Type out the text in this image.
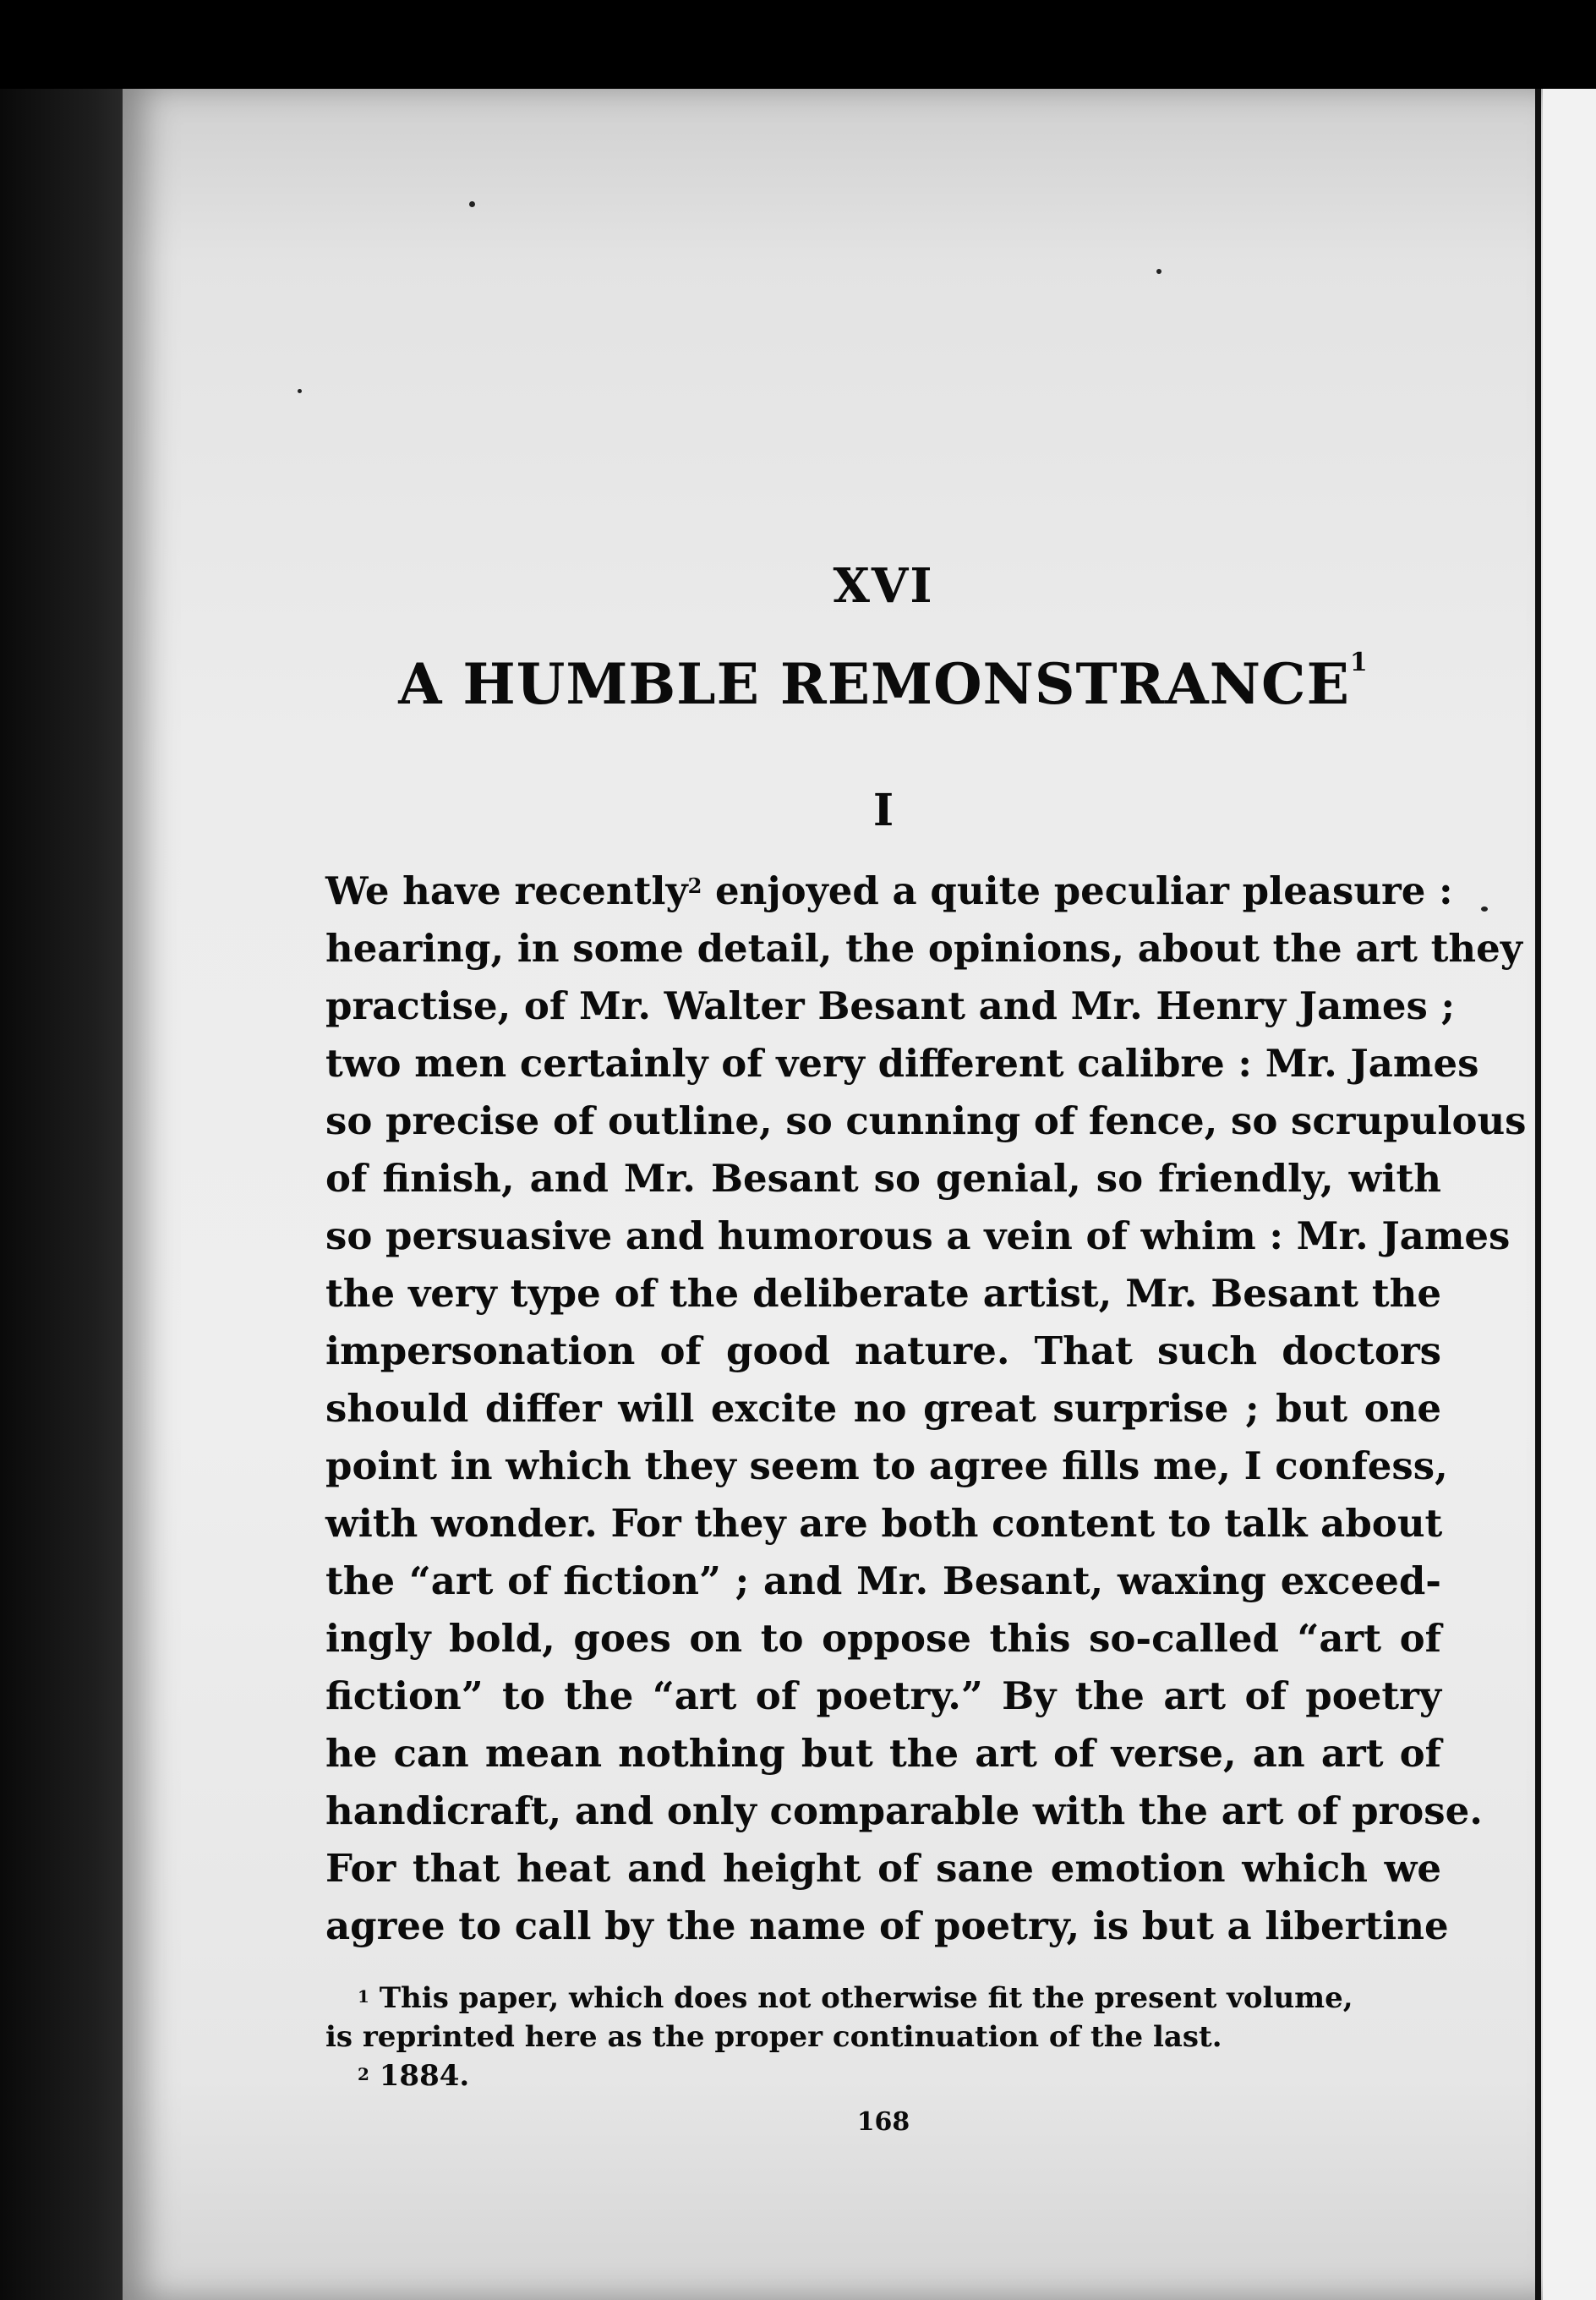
XVI
A HUMBLE REMONSTRANCE$^1$
I
We have recently$^2$ enjoyed a quite peculiar pleasure :
hearing, in some detail, the opinions, about the art they
practise, of Mr. Walter Besant and Mr. Henry James ;
two men certainly of very different calibre : Mr. James
so precise of outline, so cunning of fence, so scrupulous
of finish, and Mr. Besant so genial, so friendly, with
so persuasive and humorous a vein of whim : Mr. James
the very type of the deliberate artist, Mr. Besant the
impersonation of good nature. That such doctors
should differ will excite no great surprise ; but one
point in which they seem to agree fills me, I confess,
with wonder. For they are both content to talk about
the “art of fiction” ; and Mr. Besant, waxing exceed-
ingly bold, goes on to oppose this so-called “art of
fiction” to the “art of poetry.” By the art of poetry
he can mean nothing but the art of verse, an art of
handicraft, and only comparable with the art of prose.
For that heat and height of sane emotion which we
agree to call by the name of poetry, is but a libertine
$^1$ This paper, which does not otherwise fit the present volume,
is reprinted here as the proper continuation of the last.
$^2$ 1884.
168
